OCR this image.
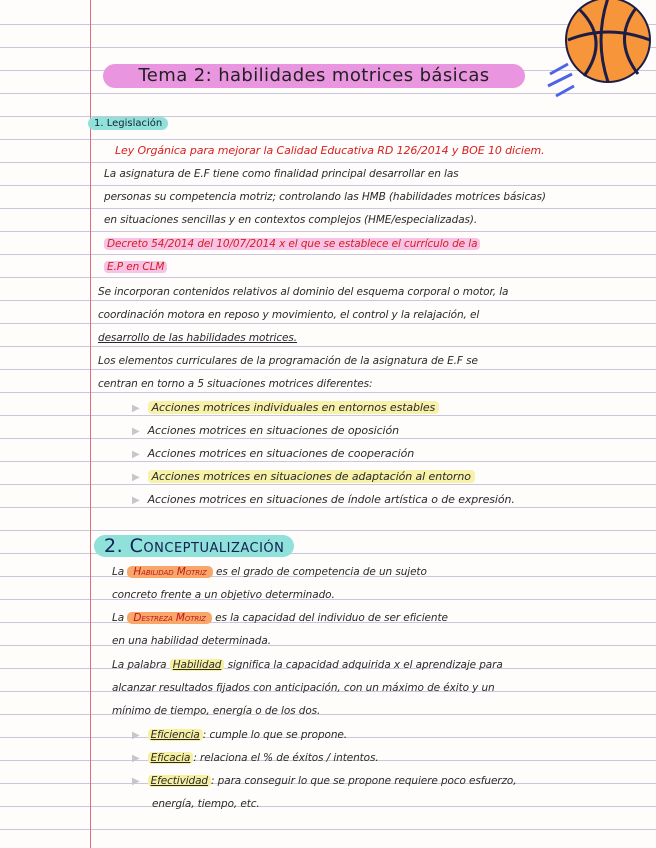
Tema 2: habilidades motrices básicas
1. Legislación
Ley Orgánica para mejorar la Calidad Educativa RD 126/2014 y BOE 10 diciem.
La asignatura de E.F tiene como finalidad principal desarrollar en las
personas su competencia motriz; controlando las HMB (habilidades motrices básicas)
en situaciones sencillas y en contextos complejos (HME/especializadas).
Decreto 54/2014 del 10/07/2014 x el que se establece el currículo de la
E.P en CLM
Se incorporan contenidos relativos al dominio del esquema corporal o motor, la
coordinación motora en reposo y movimiento, el control y la relajación, el
desarrollo de las habilidades motrices.
Los elementos curriculares de la programación de la asignatura de E.F se
centran en torno a 5 situaciones motrices diferentes:
▶ Acciones motrices individuales en entornos estables
▶ Acciones motrices en situaciones de oposición
▶ Acciones motrices en situaciones de cooperación
▶ Acciones motrices en situaciones de adaptación al entorno
▶ Acciones motrices en situaciones de índole artística o de expresión.
2. Conceptualización
La Habilidad Motriz es el grado de competencia de un sujeto
concreto frente a un objetivo determinado.
La Destreza Motriz es la capacidad del individuo de ser eficiente
en una habilidad determinada.
La palabra Habilidad significa la capacidad adquirida x el aprendizaje para
alcanzar resultados fijados con anticipación, con un máximo de éxito y un
mínimo de tiempo, energía o de los dos.
▶ Eficiencia : cumple lo que se propone.
▶ Eficacia : relaciona el % de éxitos / intentos.
▶ Efectividad : para conseguir lo que se propone requiere poco esfuerzo,
energía, tiempo, etc.
